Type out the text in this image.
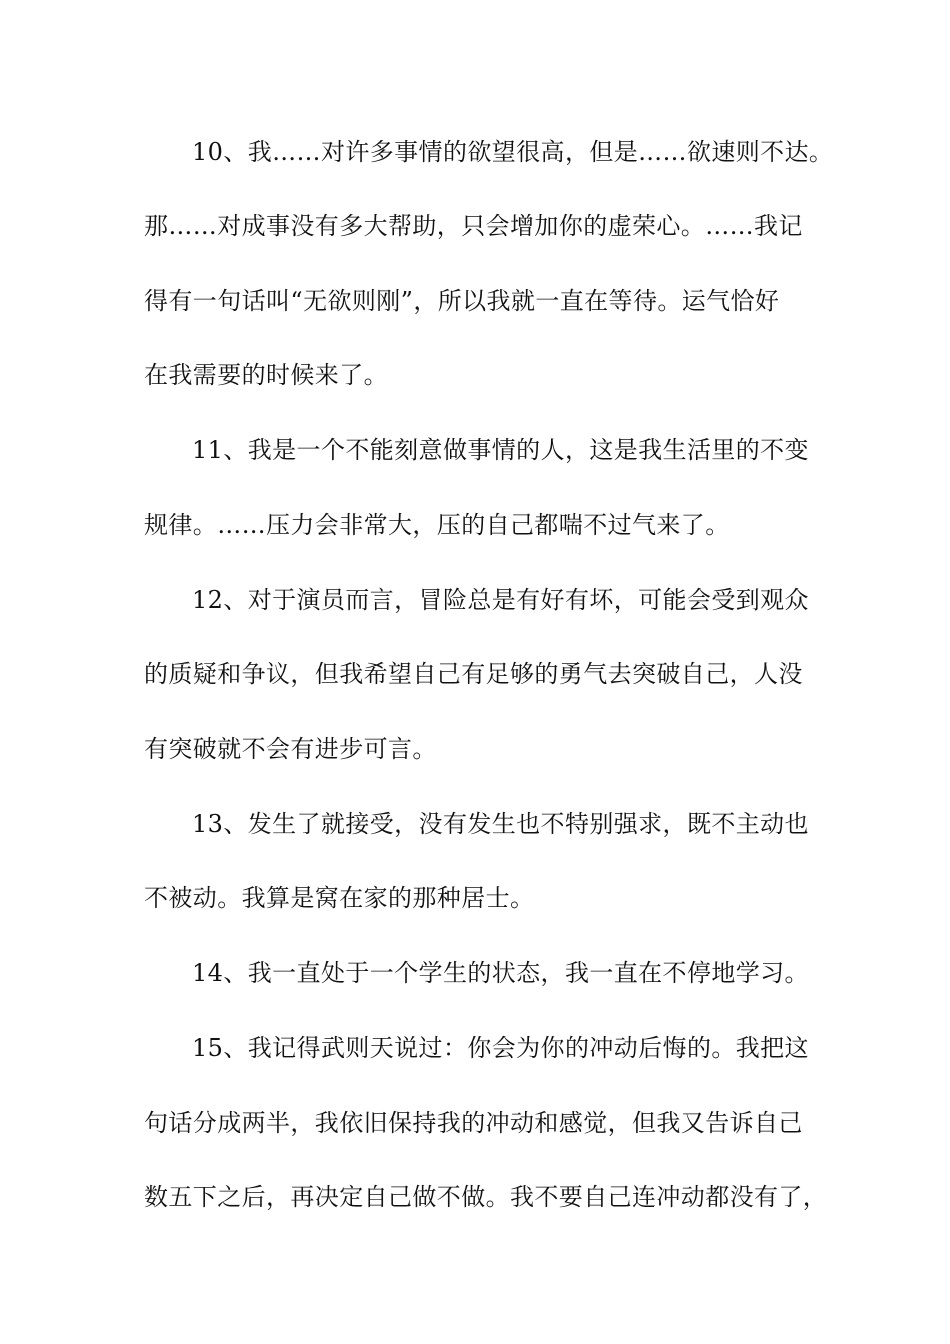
10、我……对许多事情的欲望很高，但是……欲速则不达。
那……对成事没有多大帮助，只会增加你的虚荣心。……我记
得有一句话叫“无欲则刚”，所以我就一直在等待。运气恰好
在我需要的时候来了。
11、我是一个不能刻意做事情的人，这是我生活里的不变
规律。……压力会非常大，压的自己都喘不过气来了。
12、对于演员而言，冒险总是有好有坏，可能会受到观众
的质疑和争议，但我希望自己有足够的勇气去突破自己，人没
有突破就不会有进步可言。
13、发生了就接受，没有发生也不特别强求，既不主动也
不被动。我算是窝在家的那种居士。
14、我一直处于一个学生的状态，我一直在不停地学习。
15、我记得武则天说过：你会为你的冲动后悔的。我把这
句话分成两半，我依旧保持我的冲动和感觉，但我又告诉自己
数五下之后，再决定自己做不做。我不要自己连冲动都没有了，
